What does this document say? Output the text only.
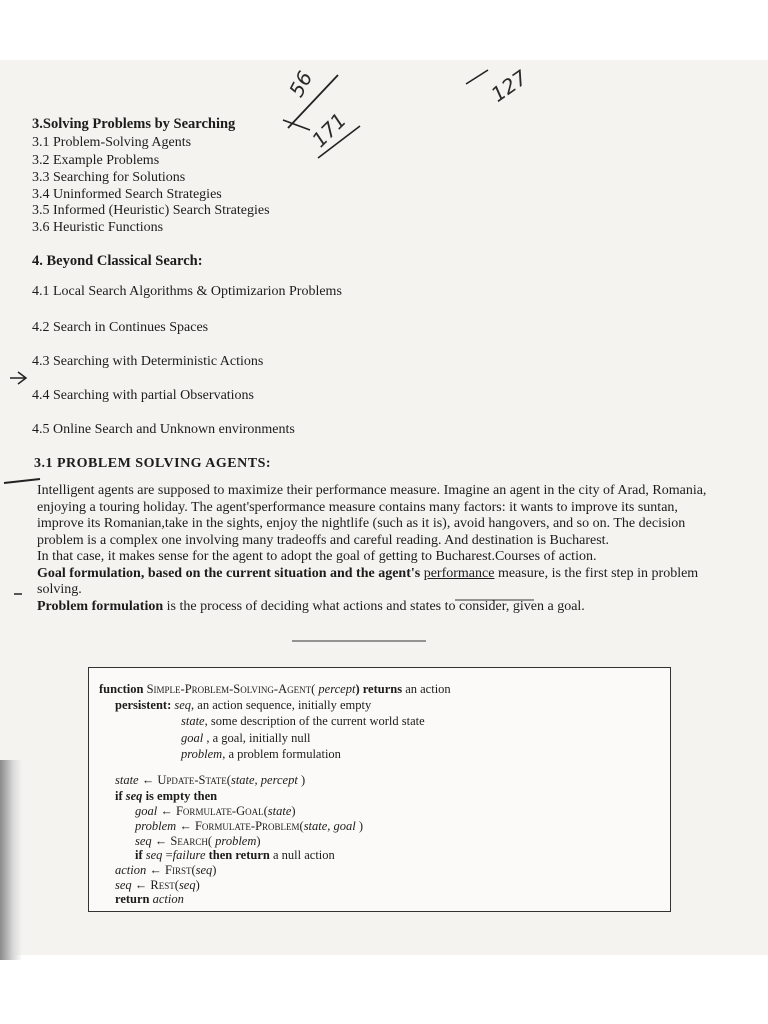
56
171
127
3.Solving Problems by Searching
3.1 Problem-Solving Agents
3.2 Example Problems
3.3 Searching for Solutions
3.4 Uninformed Search Strategies
3.5 Informed (Heuristic) Search Strategies
3.6 Heuristic Functions
4. Beyond Classical Search:
4.1 Local Search Algorithms & Optimizarion Problems
4.2 Search in Continues Spaces
4.3 Searching with Deterministic Actions
4.4 Searching with partial Observations
4.5 Online Search and Unknown environments
3.1 PROBLEM SOLVING AGENTS:

Intelligent agents are supposed to maximize their performance measure. Imagine an agent in the city of Arad, Romania, enjoying a touring holiday. The agent'sperformance measure contains many factors: it wants to improve its suntan, improve its Romanian,take in the sights, enjoy the nightlife (such as it is), avoid hangovers, and so on. The decision problem is a complex one involving many tradeoffs and careful reading. And destination is Bucharest.

In that case, it makes sense for the agent to adopt the goal of getting to Bucharest.Courses of action.

Goal formulation, based on the current situation and the agent's performance measure, is the first step in problem solving.

Problem formulation is the process of deciding what actions and states to consider, given a goal.

function Simple-Problem-Solving-Agent( percept) returns an action
persistent: seq, an action sequence, initially empty
state, some description of the current world state
goal , a goal, initially null
problem, a problem formulation
state ← Update-State(state, percept )
if seq is empty then
goal ← Formulate-Goal(state)
problem ← Formulate-Problem(state, goal )
seq ← Search( problem)
if seq =failure then return a null action
action ← First(seq)
seq ← Rest(seq)
return action
